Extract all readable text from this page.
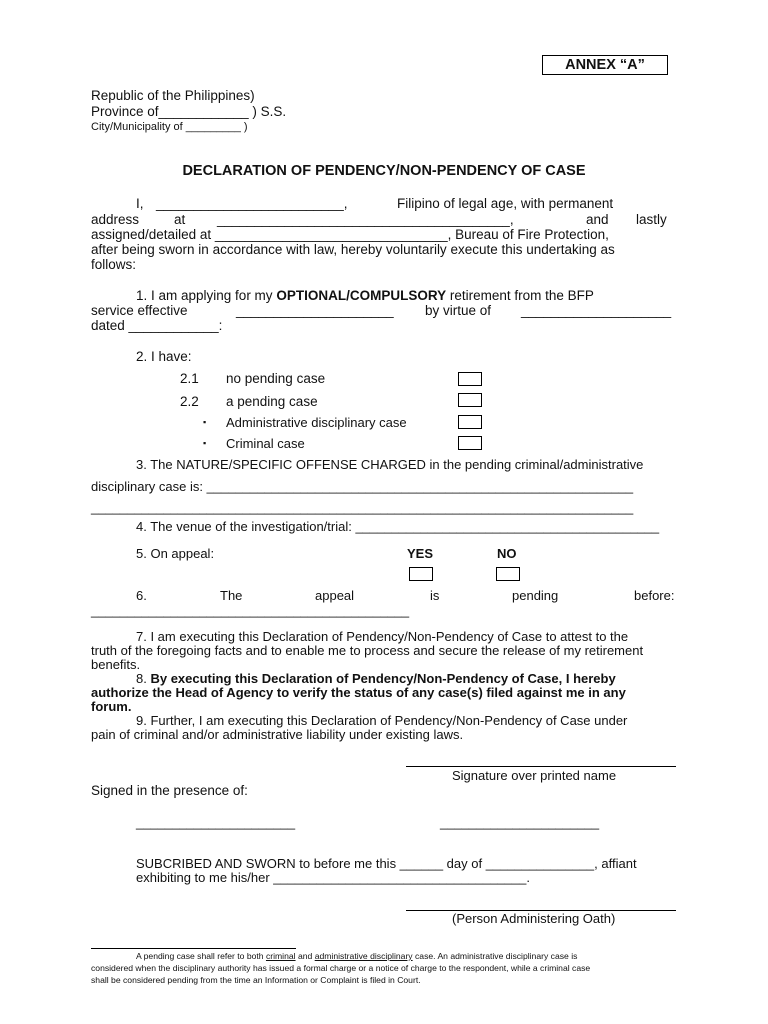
ANNEX “A”
Republic of the Philippines)
Province of____________ ) S.S.
City/Municipality of _________ )
DECLARATION OF PENDENCY/NON-PENDENCY OF CASE
I, _________________________,	Filipino of legal age, with permanent
address	at _______________________________________,	and lastly
assigned/detailed at _______________________________, Bureau of Fire Protection,
after being sworn in accordance with law, hereby voluntarily execute this undertaking as
follows:
1. I am applying for my OPTIONAL/COMPULSORY retirement from the BFP
service effective	_____________________ by virtue of ____________________
dated ____________:
2. I have:
2.1 no pending case
2.2 a pending case
▪ Administrative disciplinary case
▪ Criminal case
3. The NATURE/SPECIFIC OFFENSE CHARGED in the pending criminal/administrative
disciplinary case is: ___________________________________________________________
___________________________________________________________________________
4. The venue of the investigation/trial: __________________________________________
5. On appeal:	YES	NO
6.	The	appeal	is	pending	before:
____________________________________________
7. I am executing this Declaration of Pendency/Non-Pendency of Case to attest to the
truth of the foregoing facts and to enable me to process and secure the release of my retirement
benefits.
8. By executing this Declaration of Pendency/Non-Pendency of Case, I hereby
authorize the Head of Agency to verify the status of any case(s) filed against me in any
forum.
9. Further, I am executing this Declaration of Pendency/Non-Pendency of Case under
pain of criminal and/or administrative liability under existing laws.
Signature over printed name
Signed in the presence of:
______________________	______________________
SUBCRIBED AND SWORN to before me this ______ day of _______________, affiant
exhibiting to me his/her ___________________________________.
(Person Administering Oath)
A pending case shall refer to both criminal and administrative disciplinary case. An administrative disciplinary case is
considered when the disciplinary authority has issued a formal charge or a notice of charge to the respondent, while a criminal case
shall be considered pending from the time an Information or Complaint is filed in Court.
